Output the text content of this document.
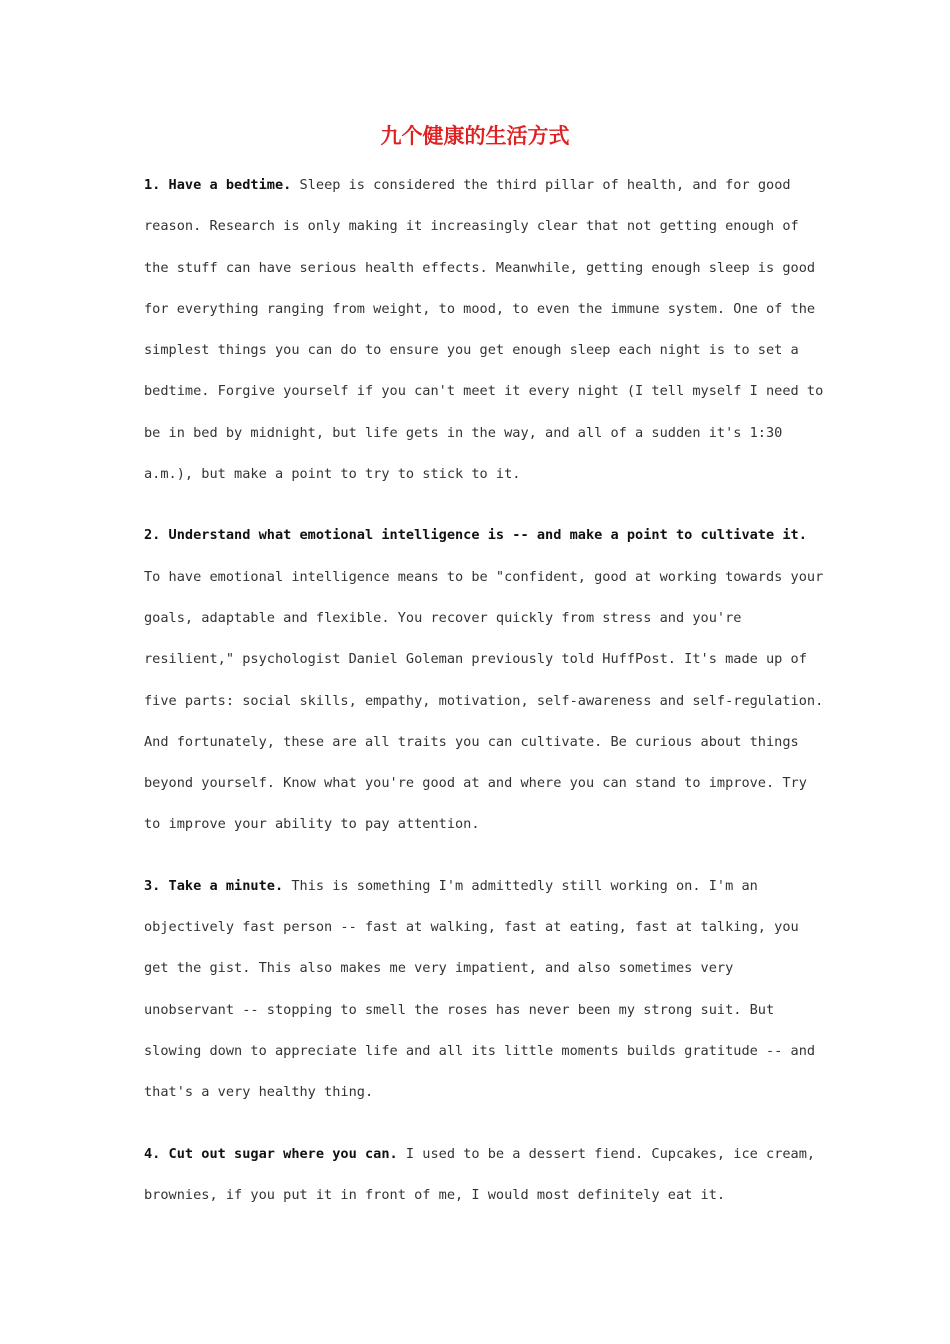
九个健康的生活方式

1. Have a bedtime. Sleep is considered the third pillar of health, and for good reason. Research is only making it increasingly clear that not getting enough of the stuff can have serious health effects. Meanwhile, getting enough sleep is good for everything ranging from weight, to mood, to even the immune system. One of the simplest things you can do to ensure you get enough sleep each night is to set a bedtime. Forgive yourself if you can't meet it every night (I tell myself I need to be in bed by midnight, but life gets in the way, and all of a sudden it's 1:30 a.m.), but make a point to try to stick to it.

2. Understand what emotional intelligence is -- and make a point to cultivate it. To have emotional intelligence means to be "confident, good at working towards your goals, adaptable and flexible. You recover quickly from stress and you're resilient," psychologist Daniel Goleman previously told HuffPost. It's made up of five parts: social skills, empathy, motivation, self-awareness and self-regulation. And fortunately, these are all traits you can cultivate. Be curious about things beyond yourself. Know what you're good at and where you can stand to improve. Try to improve your ability to pay attention.

3. Take a minute. This is something I'm admittedly still working on. I'm an objectively fast person -- fast at walking, fast at eating, fast at talking, you get the gist. This also makes me very impatient, and also sometimes very unobservant -- stopping to smell the roses has never been my strong suit. But slowing down to appreciate life and all its little moments builds gratitude -- and that's a very healthy thing.

4. Cut out sugar where you can. I used to be a dessert fiend. Cupcakes, ice cream, brownies, if you put it in front of me, I would most definitely eat it.
